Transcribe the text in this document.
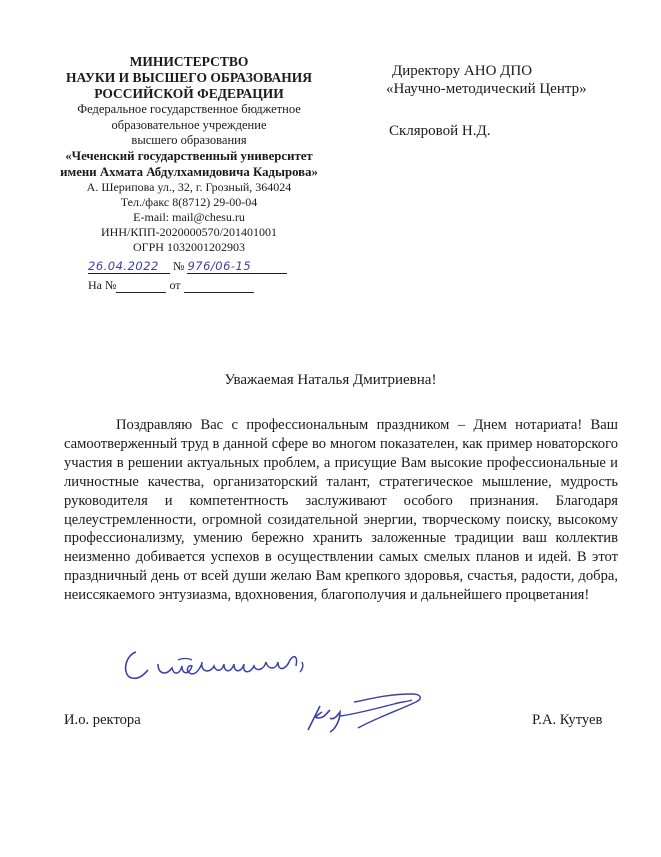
МИНИСТЕРСТВО
НАУКИ И ВЫСШЕГО ОБРАЗОВАНИЯ
РОССИЙСКОЙ ФЕДЕРАЦИИ
Федеральное государственное бюджетное
образовательное учреждение
высшего образования
«Чеченский государственный университет
имени Ахмата Абдулхамидовича Кадырова»
А. Шерипова ул., 32, г. Грозный, 364024
Тел./факс 8(8712) 29-00-04
E-mail: mail@chesu.ru
ИНН/КПП-2020000570/201401001
ОГРН 1032001202903
26.04.2022 № 976/06-15
На №	от
Директору АНО ДПО
«Научно-методический Центр»
Скляровой Н.Д.
Уважаемая Наталья Дмитриевна!
Поздравляю Вас с профессиональным праздником – Днем нотариата! Ваш самоотверженный труд в данной сфере во многом показателен, как пример новаторского участия в решении актуальных проблем, а присущие Вам высокие профессиональные и личностные качества, организаторский талант, стратегическое мышление, мудрость руководителя и компетентность заслуживают особого признания. Благодаря целеустремленности, огромной созидательной энергии, творческому поиску, высокому профессионализму, умению бережно хранить заложенные традиции ваш коллектив неизменно добивается успехов в осуществлении самых смелых планов и идей. В этот праздничный день от всей души желаю Вам крепкого здоровья, счастья, радости, добра, неиссякаемого энтузиазма, вдохновения, благополучия и дальнейшего процветания!
И.о. ректора	Р.А. Кутуев
